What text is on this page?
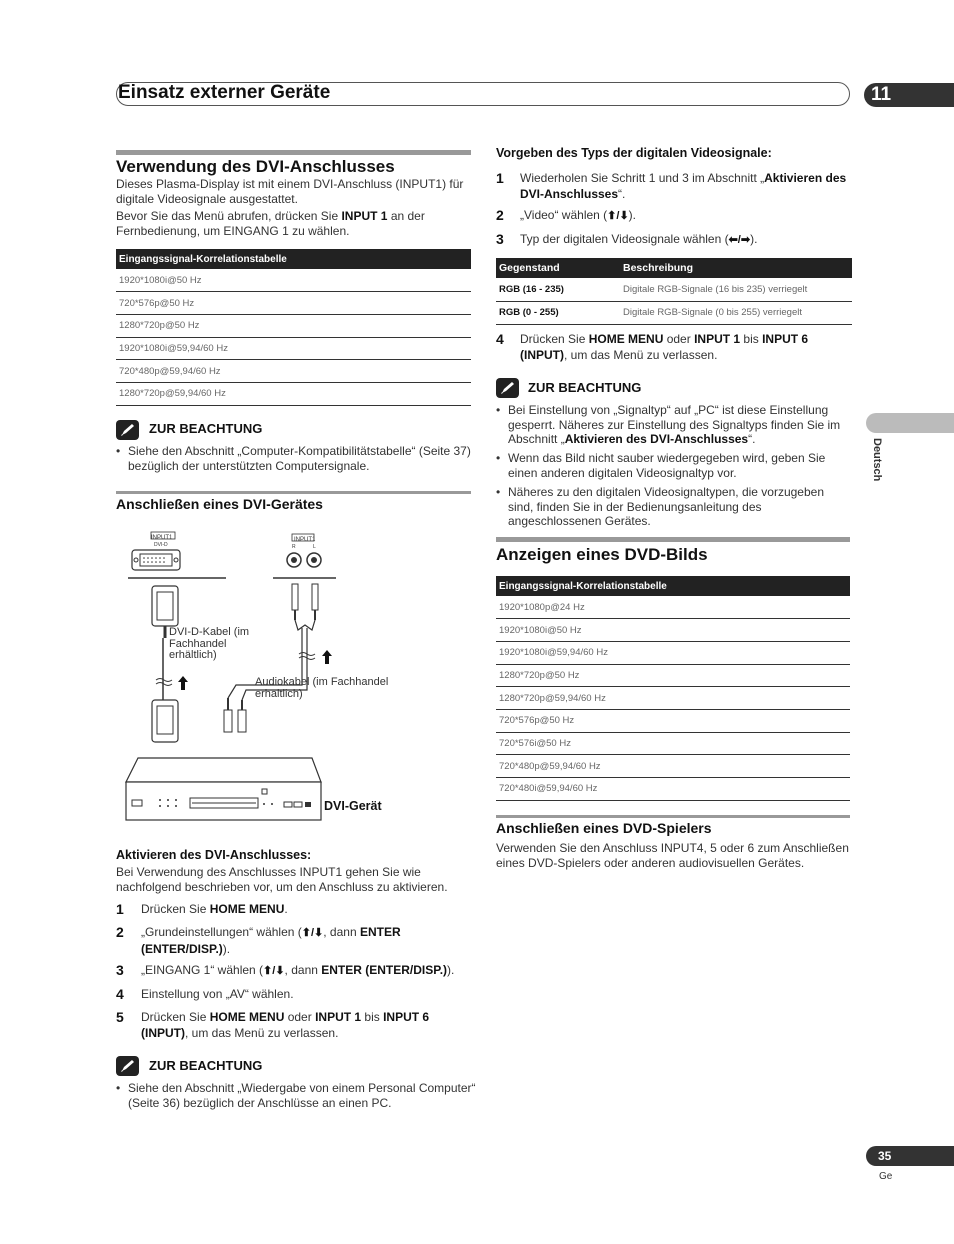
Einsatz externer Geräte	11
Deutsch
Verwendung des DVI-Anschlusses

Dieses Plasma-Display ist mit einem DVI-Anschluss (INPUT1) für digitale Videosignale ausgestattet.

Bevor Sie das Menü abrufen, drücken Sie INPUT 1 an der Fernbedienung, um EINGANG 1 zu wählen.

Eingangssignal-Korrelationstabelle
1920*1080i@50 Hz
720*576p@50 Hz
1280*720p@50 Hz
1920*1080i@59,94/60 Hz
720*480p@59,94/60 Hz
1280*720p@59,94/60 Hz
ZUR BEACHTUNG

• Siehe den Abschnitt „Computer-Kompatibilitätstabelle“ (Seite 37) bezüglich der unterstützten Computersignale.

Anschließen eines DVI-Gerätes
INPUT1
DVI-D
INPUT1
R	L
DVI-D-Kabel (im Fachhandel erhältlich)
Audiokabel (im Fachhandel erhältlich)
DVI-Gerät
Aktivieren des DVI-Anschlusses:

Bei Verwendung des Anschlusses INPUT1 gehen Sie wie nachfolgend beschrieben vor, um den Anschluss zu aktivieren.

1 Drücken Sie HOME MENU.

2 „Grundeinstellungen“ wählen (⬆/⬇, dann ENTER (ENTER/DISP.)).

3 „EINGANG 1“ wählen (⬆/⬇, dann ENTER (ENTER/DISP.)).

4 Einstellung von „AV“ wählen.

5 Drücken Sie HOME MENU oder INPUT 1 bis INPUT 6 (INPUT), um das Menü zu verlassen.

ZUR BEACHTUNG

• Siehe den Abschnitt „Wiedergabe von einem Personal Computer“ (Seite 36) bezüglich der Anschlüsse an einen PC.

Vorgeben des Typs der digitalen Videosignale:
1 Wiederholen Sie Schritt 1 und 3 im Abschnitt „Aktivieren des DVI-Anschlusses“.

2 „Video“ wählen (⬆/⬇).

3 Typ der digitalen Videosignale wählen (⬅/➡).

Gegenstand	Beschreibung
RGB (16 - 235)	Digitale RGB-Signale (16 bis 235) verriegelt
RGB (0 - 255)	Digitale RGB-Signale (0 bis 255) verriegelt
4 Drücken Sie HOME MENU oder INPUT 1 bis INPUT 6 (INPUT), um das Menü zu verlassen.

ZUR BEACHTUNG

• Bei Einstellung von „Signaltyp“ auf „PC“ ist diese Einstellung gesperrt. Näheres zur Einstellung des Signaltyps finden Sie im Abschnitt „Aktivieren des DVI-Anschlusses“.

• Wenn das Bild nicht sauber wiedergegeben wird, geben Sie einen anderen digitalen Videosignaltyp vor.

• Näheres zu den digitalen Videosignaltypen, die vorzugeben sind, finden Sie in der Bedienungsanleitung des angeschlossenen Gerätes.

Anzeigen eines DVD-Bilds
Eingangssignal-Korrelationstabelle
1920*1080p@24 Hz
1920*1080i@50 Hz
1920*1080i@59,94/60 Hz
1280*720p@50 Hz
1280*720p@59,94/60 Hz
720*576p@50 Hz
720*576i@50 Hz
720*480p@59,94/60 Hz
720*480i@59,94/60 Hz
Anschließen eines DVD-Spielers

Verwenden Sie den Anschluss INPUT4, 5 oder 6 zum Anschließen eines DVD-Spielers oder anderen audiovisuellen Gerätes.

35
Ge
